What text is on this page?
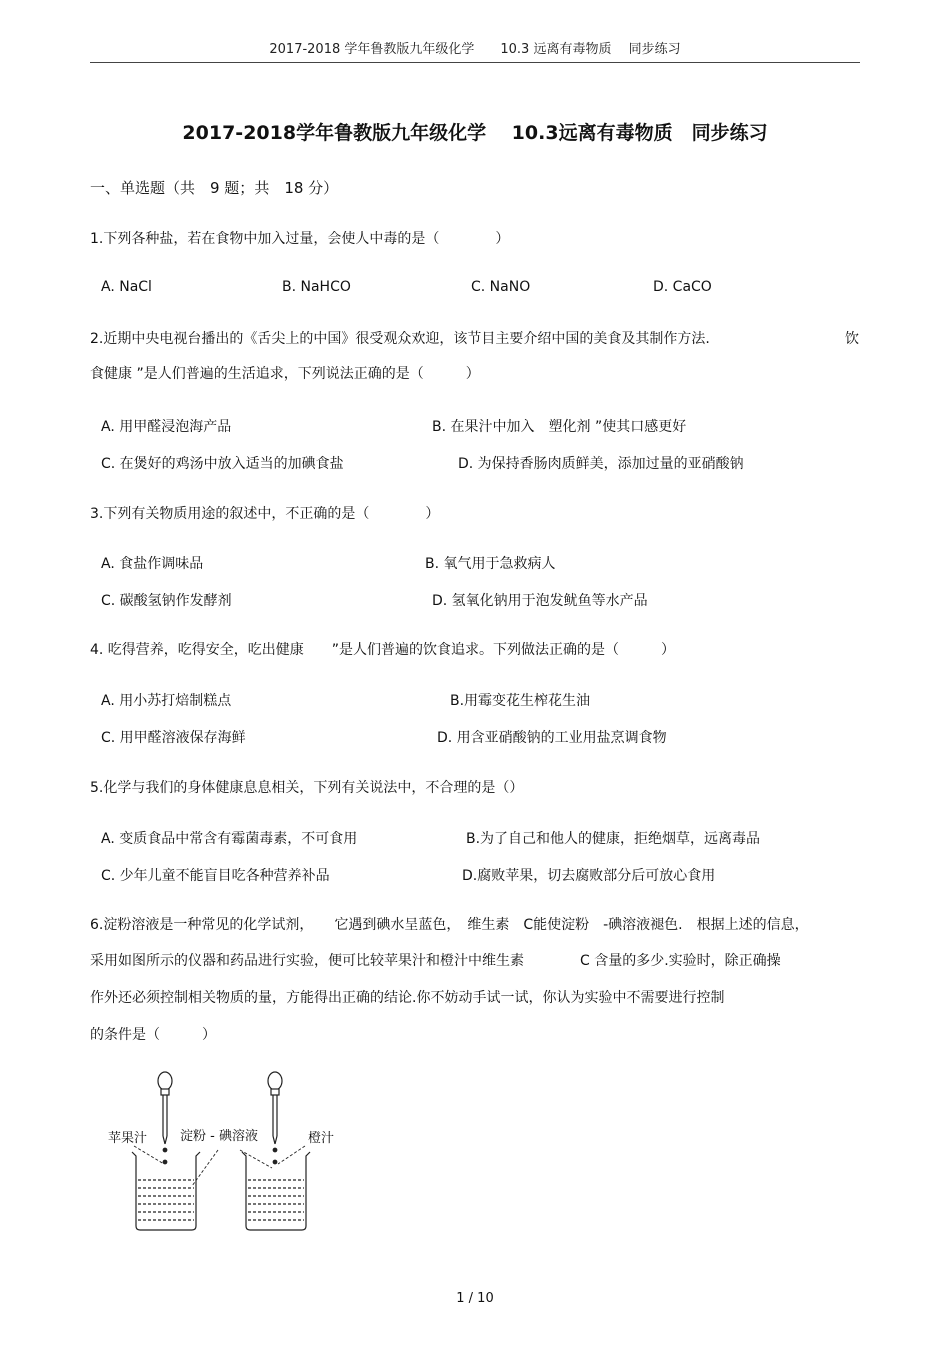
2017-2018 学年鲁教版九年级化学　　10.3 远离有毒物质　 同步练习
2017-2018学年鲁教版九年级化学　 10.3远离有毒物质　同步练习
一、单选题（共　9 题；共　18 分）
1.下列各种盐，若在食物中加入过量，会使人中毒的是（　　　　）
A. NaCl	B. NaHCO	C. NaNO	D. CaCO
2.近期中央电视台播出的《舌尖上的中国》很受观众欢迎，该节目主要介绍中国的美食及其制作方法.	饮
食健康 ”是人们普遍的生活追求，下列说法正确的是（　　　）
A. 用甲醛浸泡海产品	B. 在果汁中加入　塑化剂 ”使其口感更好
C. 在煲好的鸡汤中放入适当的加碘食盐	D. 为保持香肠肉质鲜美，添加过量的亚硝酸钠
3.下列有关物质用途的叙述中，不正确的是（　　　　）
A. 食盐作调味品	B. 氧气用于急救病人
C. 碳酸氢钠作发酵剂	D. 氢氧化钠用于泡发鱿鱼等水产品
4. 吃得营养，吃得安全，吃出健康　　”是人们普遍的饮食追求。下列做法正确的是（　　　）
A. 用小苏打焙制糕点	B.用霉变花生榨花生油
C. 用甲醛溶液保存海鲜	D. 用含亚硝酸钠的工业用盐烹调食物
5.化学与我们的身体健康息息相关，下列有关说法中，不合理的是（）
A. 变质食品中常含有霉菌毒素，不可食用	B.为了自己和他人的健康，拒绝烟草，远离毒品
C. 少年儿童不能盲目吃各种营养补品	D.腐败苹果，切去腐败部分后可放心食用
6.淀粉溶液是一种常见的化学试剂，　　它遇到碘水呈蓝色，　维生素　C能使淀粉　-碘溶液褪色.　根据上述的信息，
采用如图所示的仪器和药品进行实验，便可比较苹果汁和橙汁中维生素　　　　C 含量的多少.实验时，除正确操
作外还必须控制相关物质的量，方能得出正确的结论.你不妨动手试一试，你认为实验中不需要进行控制
的条件是（　　　）
苹果汁	淀粉 - 碘溶液	橙汁
1 / 10
